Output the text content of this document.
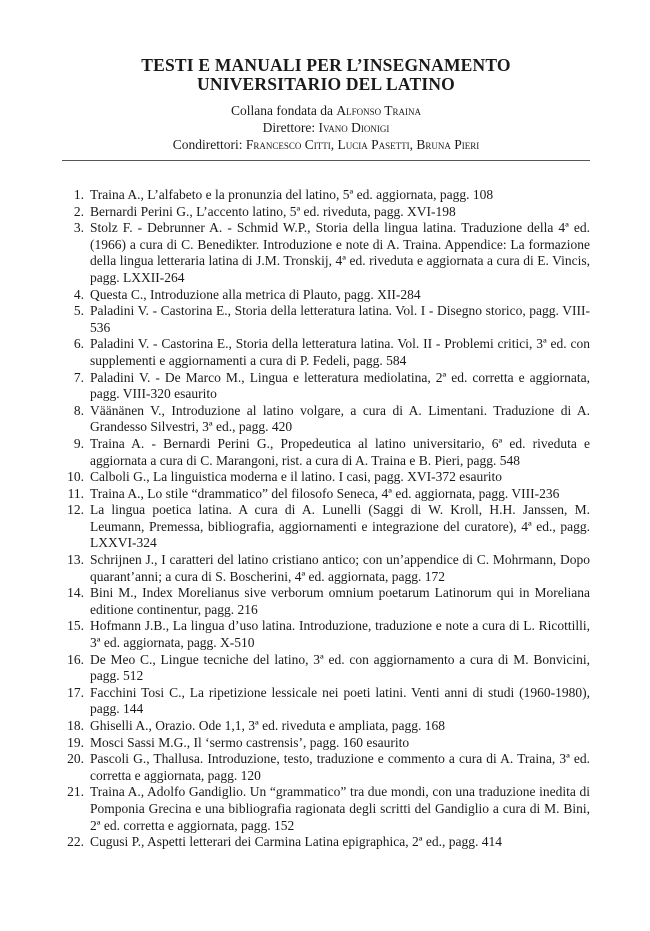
TESTI E MANUALI PER L’INSEGNAMENTO
UNIVERSITARIO DEL LATINO
Collana fondata da Alfonso Traina
Direttore: Ivano Dionigi
Condirettori: Francesco Citti, Lucia Pasetti, Bruna Pieri
1. Traina A., L’alfabeto e la pronunzia del latino, 5ª ed. aggiornata, pagg. 108
2. Bernardi Perini G., L’accento latino, 5ª ed. riveduta, pagg. XVI-198
3. Stolz F. - Debrunner A. - Schmid W.P., Storia della lingua latina. Traduzione della 4ª ed. (1966) a cura di C. Benedikter. Introduzione e note di A. Traina. Appendice: La formazione della lingua letteraria latina di J.M. Tronskij, 4ª ed. riveduta e aggiornata a cura di E. Vincis, pagg. LXXII-264
4. Questa C., Introduzione alla metrica di Plauto, pagg. XII-284
5. Paladini V. - Castorina E., Storia della letteratura latina. Vol. I - Disegno storico, pagg. VIII-536
6. Paladini V. - Castorina E., Storia della letteratura latina. Vol. II - Problemi critici, 3ª ed. con supplementi e aggiornamenti a cura di P. Fedeli, pagg. 584
7. Paladini V. - De Marco M., Lingua e letteratura mediolatina, 2ª ed. corretta e aggiornata, pagg. VIII-320 esaurito
8. Väänänen V., Introduzione al latino volgare, a cura di A. Limentani. Traduzione di A. Grandesso Silvestri, 3ª ed., pagg. 420
9. Traina A. - Bernardi Perini G., Propedeutica al latino universitario, 6ª ed. riveduta e aggiornata a cura di C. Marangoni, rist. a cura di A. Traina e B. Pieri, pagg. 548
10. Calboli G., La linguistica moderna e il latino. I casi, pagg. XVI-372 esaurito
11. Traina A., Lo stile “drammatico” del filosofo Seneca, 4ª ed. aggiornata, pagg. VIII-236
12. La lingua poetica latina. A cura di A. Lunelli (Saggi di W. Kroll, H.H. Janssen, M. Leumann, Premessa, bibliografia, aggiornamenti e integrazione del curatore), 4ª ed., pagg. LXXVI-324
13. Schrijnen J., I caratteri del latino cristiano antico; con un’appendice di C. Mohrmann, Dopo quarant’anni; a cura di S. Boscherini, 4ª ed. aggiornata, pagg. 172
14. Bini M., Index Morelianus sive verborum omnium poetarum Latinorum qui in Moreliana editione continentur, pagg. 216
15. Hofmann J.B., La lingua d’uso latina. Introduzione, traduzione e note a cura di L. Ricottilli, 3ª ed. aggiornata, pagg. X-510
16. De Meo C., Lingue tecniche del latino, 3ª ed. con aggiornamento a cura di M. Bonvicini, pagg. 512
17. Facchini Tosi C., La ripetizione lessicale nei poeti latini. Venti anni di studi (1960-1980), pagg. 144
18. Ghiselli A., Orazio. Ode 1,1, 3ª ed. riveduta e ampliata, pagg. 168
19. Mosci Sassi M.G., Il ‘sermo castrensis’, pagg. 160 esaurito
20. Pascoli G., Thallusa. Introduzione, testo, traduzione e commento a cura di A. Traina, 3ª ed. corretta e aggiornata, pagg. 120
21. Traina A., Adolfo Gandiglio. Un “grammatico” tra due mondi, con una traduzione inedita di Pomponia Grecina e una bibliografia ragionata degli scritti del Gandiglio a cura di M. Bini, 2ª ed. corretta e aggiornata, pagg. 152
22. Cugusi P., Aspetti letterari dei Carmina Latina epigraphica, 2ª ed., pagg. 414
